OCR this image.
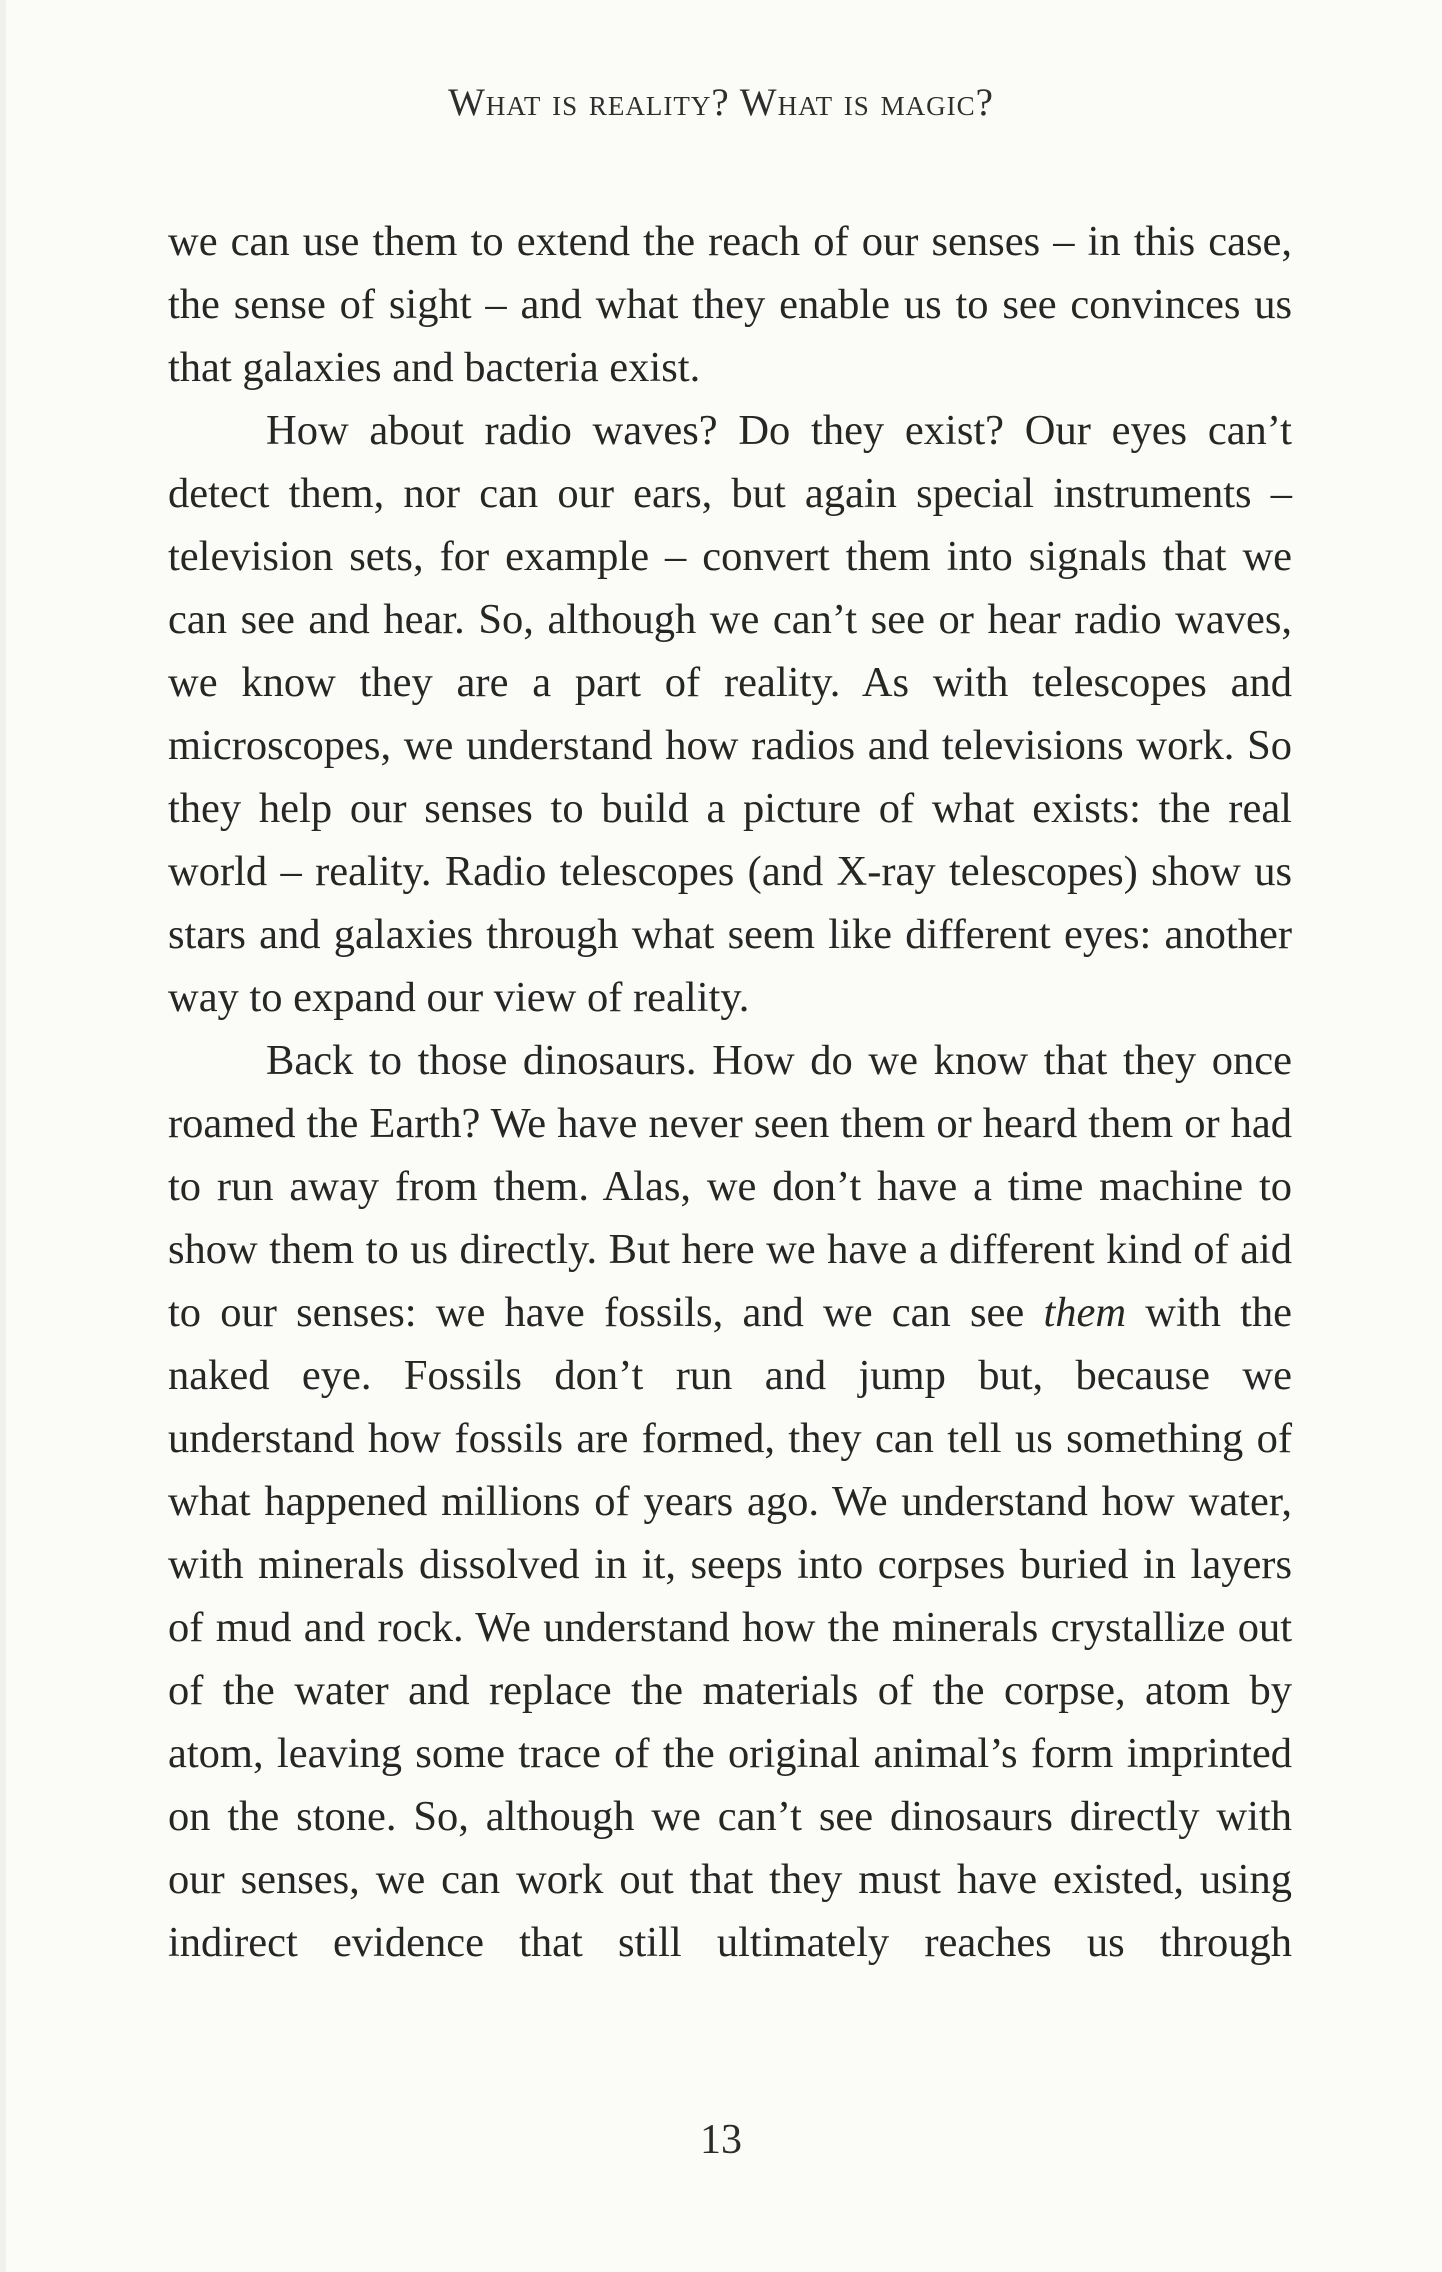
What is reality? What is magic?

we can use them to extend the reach of our senses – in this case, the sense of sight – and what they enable us to see convinces us that galaxies and bacteria exist.

How about radio waves? Do they exist? Our eyes can’t detect them, nor can our ears, but again special instruments – television sets, for example – convert them into signals that we can see and hear. So, although we can’t see or hear radio waves, we know they are a part of reality. As with telescopes and microscopes, we understand how radios and televisions work. So they help our senses to build a picture of what exists: the real world – reality. Radio telescopes (and X-ray telescopes) show us stars and galaxies through what seem like different eyes: another way to expand our view of reality.

Back to those dinosaurs. How do we know that they once roamed the Earth? We have never seen them or heard them or had to run away from them. Alas, we don’t have a time machine to show them to us directly. But here we have a different kind of aid to our senses: we have fossils, and we can see them with the naked eye. Fossils don’t run and jump but, because we understand how fossils are formed, they can tell us something of what happened millions of years ago. We understand how water, with minerals dissolved in it, seeps into corpses buried in layers of mud and rock. We understand how the minerals crystallize out of the water and replace the materials of the corpse, atom by atom, leaving some trace of the original animal’s form imprinted on the stone. So, although we can’t see dinosaurs directly with our senses, we can work out that they must have existed, using indirect evidence that still ultimately reaches us through

13
